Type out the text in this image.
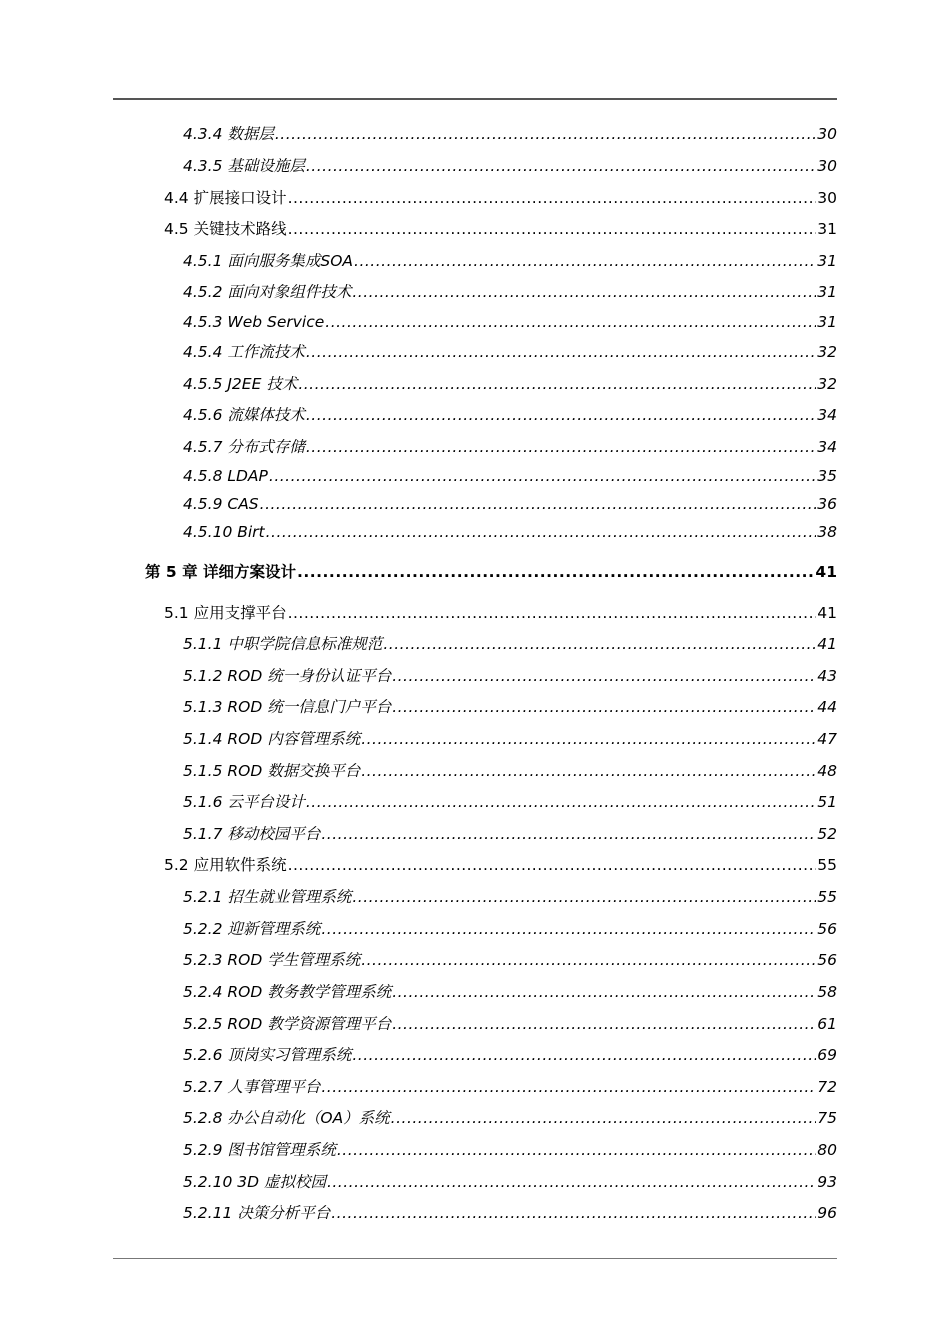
4.3.4 数据层 .....	30
4.3.5 基础设施层 .....	30
4.4 扩展接口设计 .....	30
4.5 关键技术路线 .....	31
4.5.1 面向服务集成SOA .....	31
4.5.2 面向对象组件技术 .....	31
4.5.3 Web Service .....	31
4.5.4 工作流技术 .....	32
4.5.5 J2EE 技术 .....	32
4.5.6 流媒体技术 .....	34
4.5.7 分布式存储 .....	34
4.5.8 LDAP .....	35
4.5.9 CAS .....	36
4.5.10 Birt .....	38
第 5 章 详细方案设计 .....	41
5.1 应用支撑平台 .....	41
5.1.1 中职学院信息标准规范 .....	41
5.1.2 ROD 统一身份认证平台 .....	43
5.1.3 ROD 统一信息门户平台 .....	44
5.1.4 ROD 内容管理系统 .....	47
5.1.5 ROD 数据交换平台 .....	48
5.1.6 云平台设计 .....	51
5.1.7 移动校园平台 .....	52
5.2 应用软件系统 .....	55
5.2.1 招生就业管理系统 .....	55
5.2.2 迎新管理系统 .....	56
5.2.3 ROD 学生管理系统 .....	56
5.2.4 ROD 教务教学管理系统 .....	58
5.2.5 ROD 教学资源管理平台 .....	61
5.2.6 顶岗实习管理系统 .....	69
5.2.7 人事管理平台 .....	72
5.2.8 办公自动化（OA）系统 .....	75
5.2.9 图书馆管理系统 .....	80
5.2.10 3D 虚拟校园 .....	93
5.2.11 决策分析平台 .....	96
